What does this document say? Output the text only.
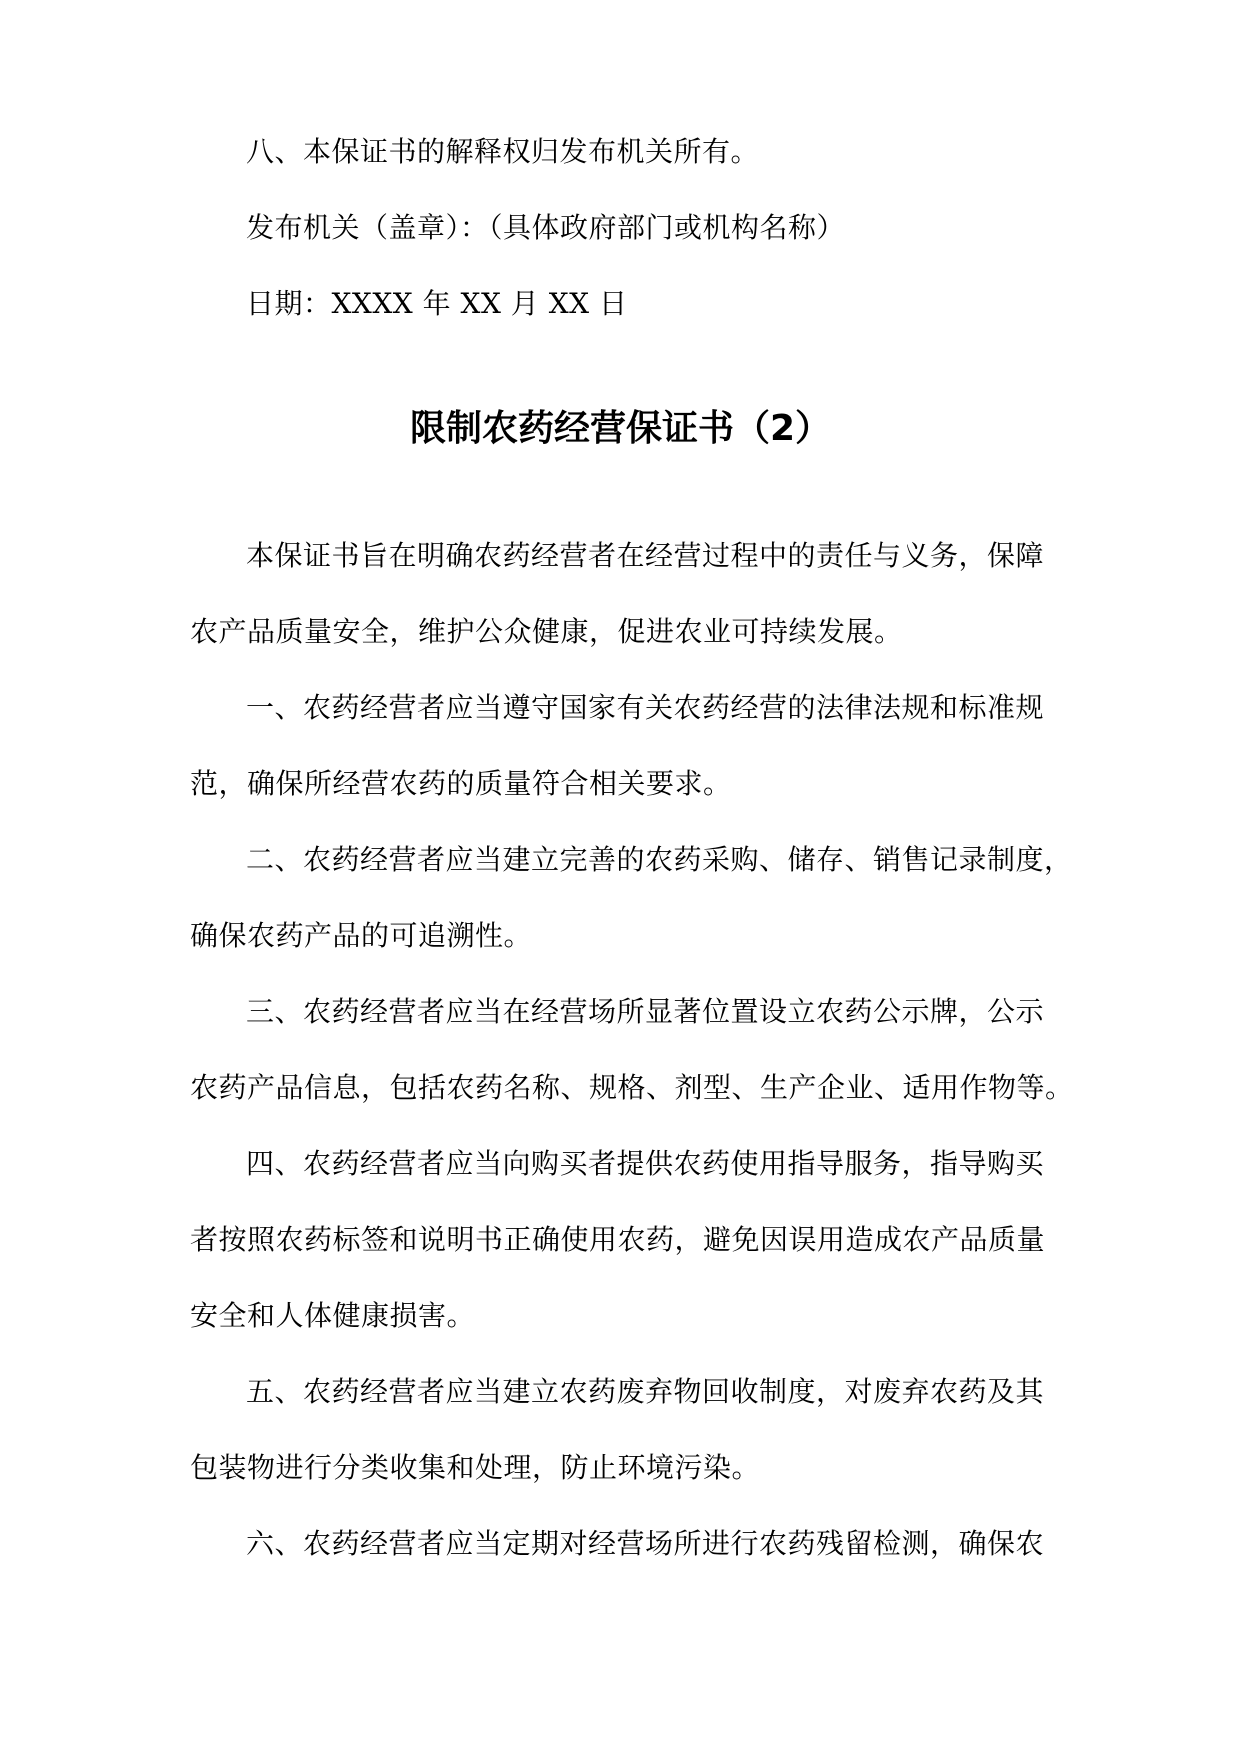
八、本保证书的解释权归发布机关所有。
发布机关（盖章）：（具体政府部门或机构名称）
日期：XXXX 年 XX 月 XX 日
限制农药经营保证书（2）
本保证书旨在明确农药经营者在经营过程中的责任与义务，保障
农产品质量安全，维护公众健康，促进农业可持续发展。
一、农药经营者应当遵守国家有关农药经营的法律法规和标准规
范，确保所经营农药的质量符合相关要求。
二、农药经营者应当建立完善的农药采购、储存、销售记录制度，
确保农药产品的可追溯性。
三、农药经营者应当在经营场所显著位置设立农药公示牌，公示
农药产品信息，包括农药名称、规格、剂型、生产企业、适用作物等。
四、农药经营者应当向购买者提供农药使用指导服务，指导购买
者按照农药标签和说明书正确使用农药，避免因误用造成农产品质量
安全和人体健康损害。
五、农药经营者应当建立农药废弃物回收制度，对废弃农药及其
包装物进行分类收集和处理，防止环境污染。
六、农药经营者应当定期对经营场所进行农药残留检测，确保农
